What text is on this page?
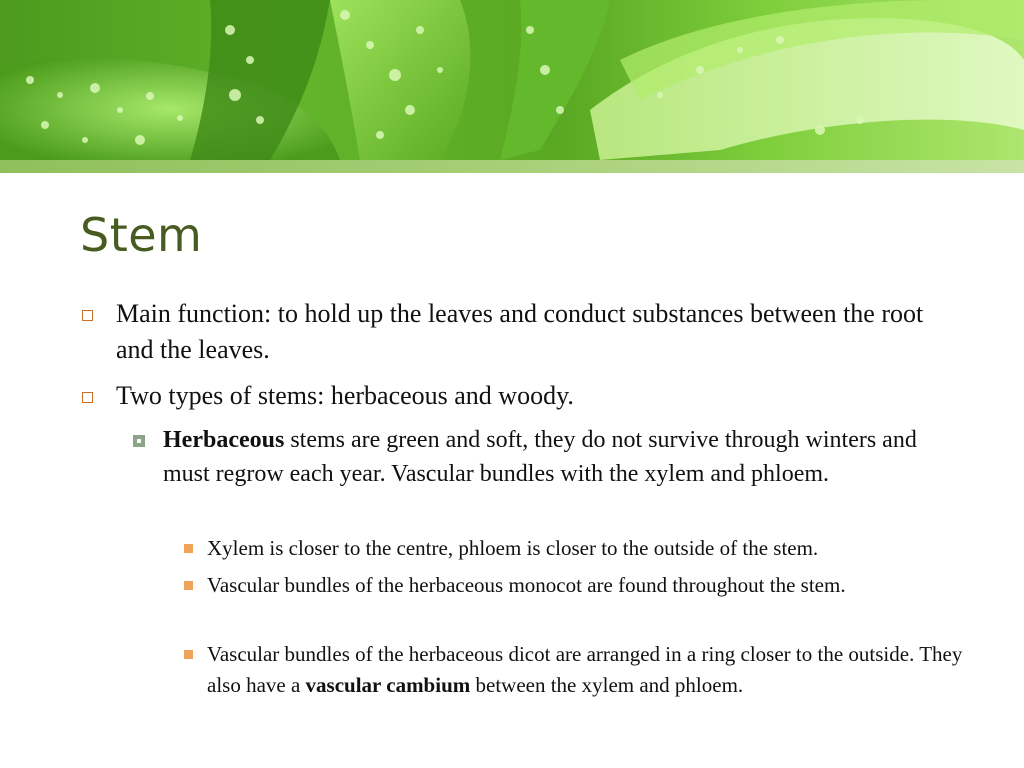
Stem
Main function: to hold up the leaves and conduct substances between the root and the leaves.
Two types of stems: herbaceous and woody.
Herbaceous stems are green and soft, they do not survive through winters and must regrow each year. Vascular bundles with the xylem and phloem.
Xylem is closer to the centre, phloem is closer to the outside of the stem.
Vascular bundles of the herbaceous monocot are found throughout the stem.
Vascular bundles of the herbaceous dicot are arranged in a ring closer to the outside. They also have a vascular cambium between the xylem and phloem.
